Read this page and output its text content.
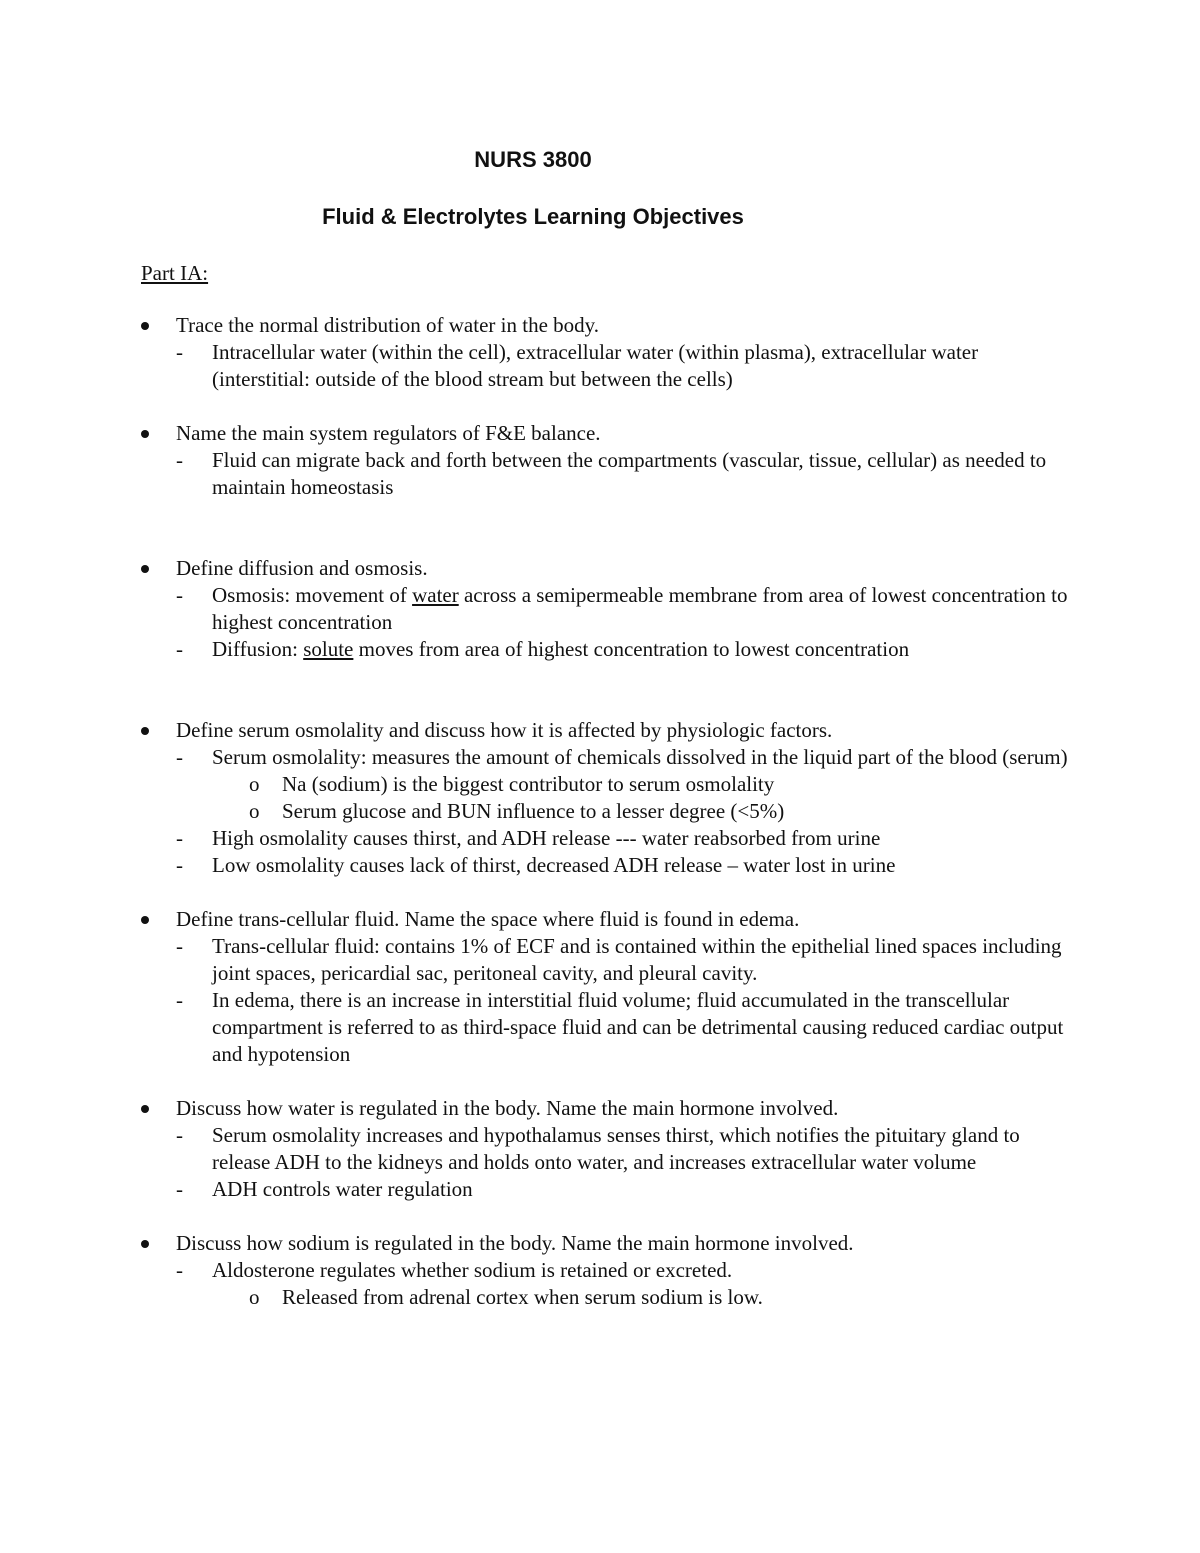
NURS 3800
Fluid & Electrolytes Learning Objectives
Part IA:
Trace the normal distribution of water in the body.
- Intracellular water (within the cell), extracellular water (within plasma), extracellular water (interstitial: outside of the blood stream but between the cells)
Name the main system regulators of F&E balance.
- Fluid can migrate back and forth between the compartments (vascular, tissue, cellular) as needed to maintain homeostasis
Define diffusion and osmosis.
- Osmosis: movement of water across a semipermeable membrane from area of lowest concentration to highest concentration
- Diffusion: solute moves from area of highest concentration to lowest concentration
Define serum osmolality and discuss how it is affected by physiologic factors.
- Serum osmolality: measures the amount of chemicals dissolved in the liquid part of the blood (serum)
o Na (sodium) is the biggest contributor to serum osmolality
o Serum glucose and BUN influence to a lesser degree (<5%)
- High osmolality causes thirst, and ADH release --- water reabsorbed from urine
- Low osmolality causes lack of thirst, decreased ADH release – water lost in urine
Define trans-cellular fluid. Name the space where fluid is found in edema.
- Trans-cellular fluid: contains 1% of ECF and is contained within the epithelial lined spaces including joint spaces, pericardial sac, peritoneal cavity, and pleural cavity.
- In edema, there is an increase in interstitial fluid volume; fluid accumulated in the transcellular compartment is referred to as third-space fluid and can be detrimental causing reduced cardiac output and hypotension
Discuss how water is regulated in the body. Name the main hormone involved.
- Serum osmolality increases and hypothalamus senses thirst, which notifies the pituitary gland to release ADH to the kidneys and holds onto water, and increases extracellular water volume
- ADH controls water regulation
Discuss how sodium is regulated in the body. Name the main hormone involved.
- Aldosterone regulates whether sodium is retained or excreted.
o Released from adrenal cortex when serum sodium is low.
